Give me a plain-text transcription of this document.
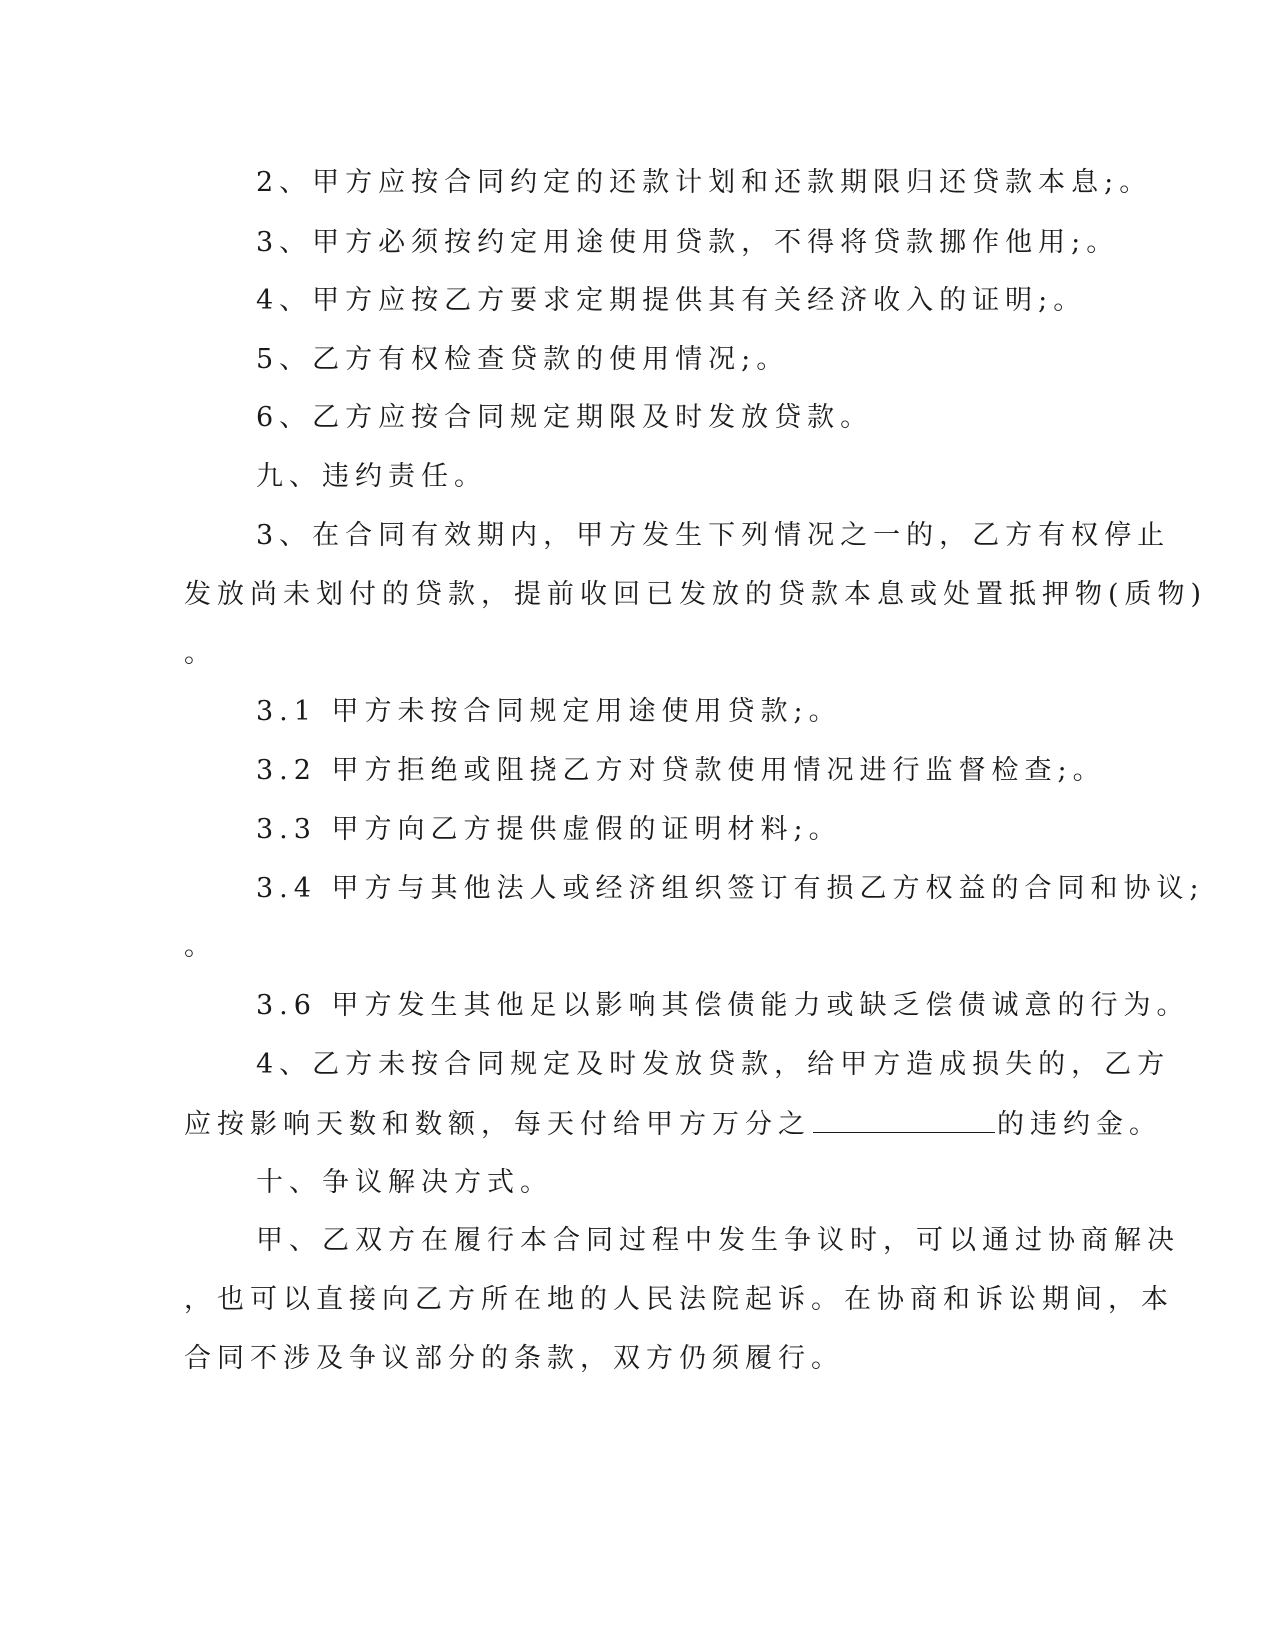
2、甲方应按合同约定的还款计划和还款期限归还贷款本息;。
3、甲方必须按约定用途使用贷款，不得将贷款挪作他用;。
4、甲方应按乙方要求定期提供其有关经济收入的证明;。
5、乙方有权检查贷款的使用情况;。
6、乙方应按合同规定期限及时发放贷款。
九、违约责任。
3、在合同有效期内，甲方发生下列情况之一的，乙方有权停止
发放尚未划付的贷款，提前收回已发放的贷款本息或处置抵押物(质物)
。
3.1 甲方未按合同规定用途使用贷款;。
3.2 甲方拒绝或阻挠乙方对贷款使用情况进行监督检查;。
3.3 甲方向乙方提供虚假的证明材料;。
3.4 甲方与其他法人或经济组织签订有损乙方权益的合同和协议;
。
3.6 甲方发生其他足以影响其偿债能力或缺乏偿债诚意的行为。
4、乙方未按合同规定及时发放贷款，给甲方造成损失的，乙方
应按影响天数和数额，每天付给甲方万分之	的违约金。
十、争议解决方式。
甲、乙双方在履行本合同过程中发生争议时，可以通过协商解决
，也可以直接向乙方所在地的人民法院起诉。在协商和诉讼期间，本
合同不涉及争议部分的条款，双方仍须履行。
